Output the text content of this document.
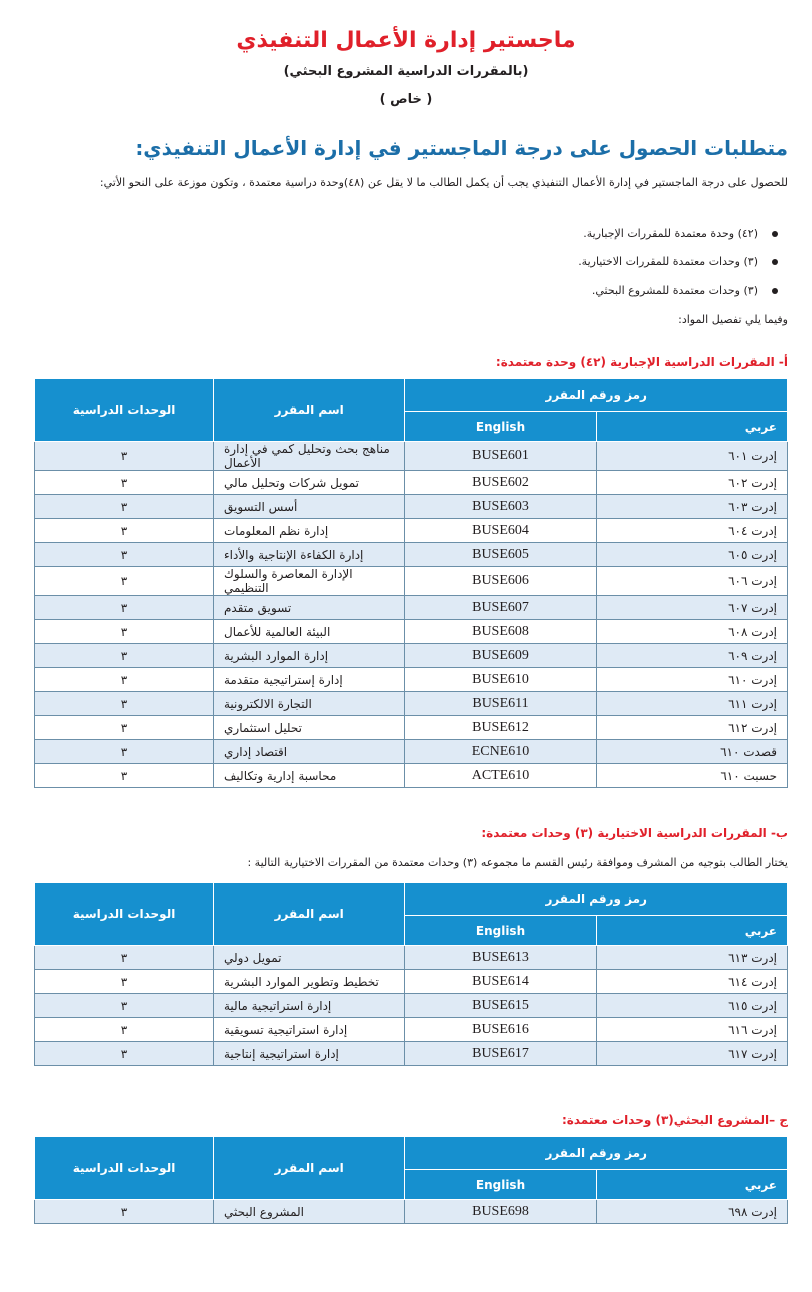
ماجستير إدارة الأعمال التنفيذي
(بالمقررات الدراسية المشروع البحثي)
( خاص )
متطلبات الحصول على درجة الماجستير في إدارة الأعمال التنفيذي:
للحصول على درجة الماجستير في إدارة الأعمال التنفيذي يجب أن يكمل الطالب ما لا يقل عن (٤٨)وحدة دراسية معتمدة ، وتكون موزعة على النحو الأتي:
(٤٢) وحدة معتمدة للمقررات الإجبارية.
(٣) وحدات معتمدة للمقررات الاختيارية.
(٣) وحدات معتمدة للمشروع البحثي.
وفيما يلي تفصيل المواد:
أ- المقررات الدراسية الإجبارية (٤٢) وحدة معتمدة:
رمز ورقم المقرر		اسم المقرر	الوحدات الدراسية
عربي	English		
إدرت ٦٠١	BUSE601	مناهج بحث وتحليل كمي في إدارة الأعمال	٣
إدرت ٦٠٢	BUSE602	تمويل شركات وتحليل مالي	٣
إدرت ٦٠٣	BUSE603	أسس التسويق	٣
إدرت ٦٠٤	BUSE604	إدارة نظم المعلومات	٣
إدرت ٦٠٥	BUSE605	إدارة الكفاءة الإنتاجية والأداء	٣
إدرت ٦٠٦	BUSE606	الإدارة المعاصرة والسلوك التنظيمي	٣
إدرت ٦٠٧	BUSE607	تسويق متقدم	٣
إدرت ٦٠٨	BUSE608	البيئة العالمية للأعمال	٣
إدرت ٦٠٩	BUSE609	إدارة الموارد البشرية	٣
إدرت ٦١٠	BUSE610	إدارة إستراتيجية متقدمة	٣
إدرت ٦١١	BUSE611	التجارة الالكترونية	٣
إدرت ٦١٢	BUSE612	تحليل استثماري	٣
قصدت ٦١٠	ECNE610	اقتصاد إداري	٣
حسبت ٦١٠	ACTE610	محاسبة إدارية وتكاليف	٣
ب- المقررات الدراسية الاختيارية (٣) وحدات معتمدة:
يختار الطالب بتوجيه من المشرف وموافقة رئيس القسم ما مجموعه (٣) وحدات معتمدة من المقررات الاختيارية التالية :
رمز ورقم المقرر		اسم المقرر	الوحدات الدراسية
عربي	English		
إدرت ٦١٣	BUSE613	تمويل دولي	٣
إدرت ٦١٤	BUSE614	تخطيط وتطوير الموارد البشرية	٣
إدرت ٦١٥	BUSE615	إدارة استراتيجية مالية	٣
إدرت ٦١٦	BUSE616	إدارة استراتيجية تسويقية	٣
إدرت ٦١٧	BUSE617	إدارة استراتيجية إنتاجية	٣
ج –المشروع البحثي(٣) وحدات معتمدة:
رمز ورقم المقرر		اسم المقرر	الوحدات الدراسية
عربي	English		
إدرت ٦٩٨	BUSE698	المشروع البحثي	٣
